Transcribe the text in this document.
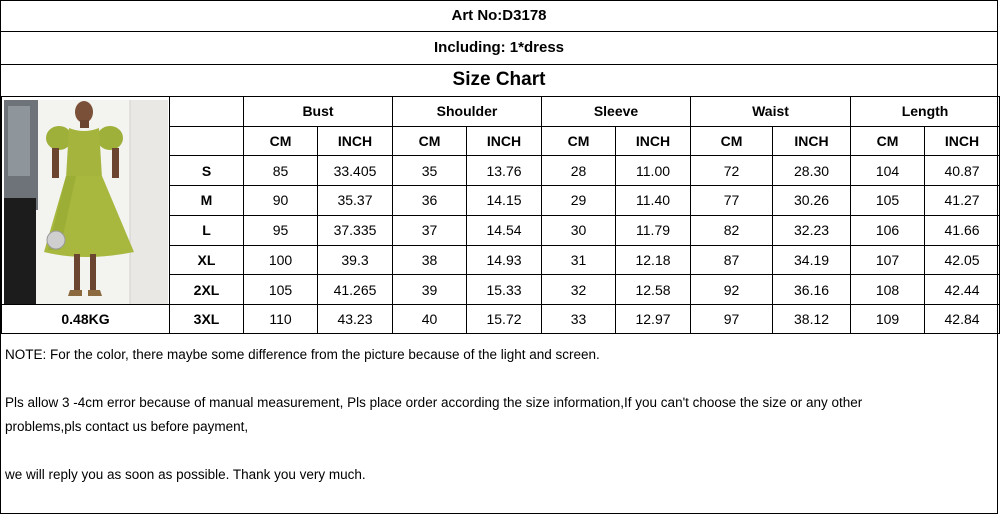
Art No:D3178
Including: 1*dress
Size Chart
		Bust		Shoulder		Sleeve		Waist		Length	
		CM	INCH	CM	INCH	CM	INCH	CM	INCH	CM	INCH
	S	85	33.405	35	13.76	28	11.00	72	28.30	104	40.87
	M	90	35.37	36	14.15	29	11.40	77	30.26	105	41.27
	L	95	37.335	37	14.54	30	11.79	82	32.23	106	41.66
	XL	100	39.3	38	14.93	31	12.18	87	34.19	107	42.05
	2XL	105	41.265	39	15.33	32	12.58	92	36.16	108	42.44
0.48KG	3XL	110	43.23	40	15.72	33	12.97	97	38.12	109	42.84

NOTE: For the color, there maybe some difference from the picture because of the light and screen.

Pls allow 3 -4cm error because of manual measurement, Pls place order according the size information,If you can't choose the size or any other

problems,pls contact us before payment,

we will reply you as soon as possible. Thank you very much.
